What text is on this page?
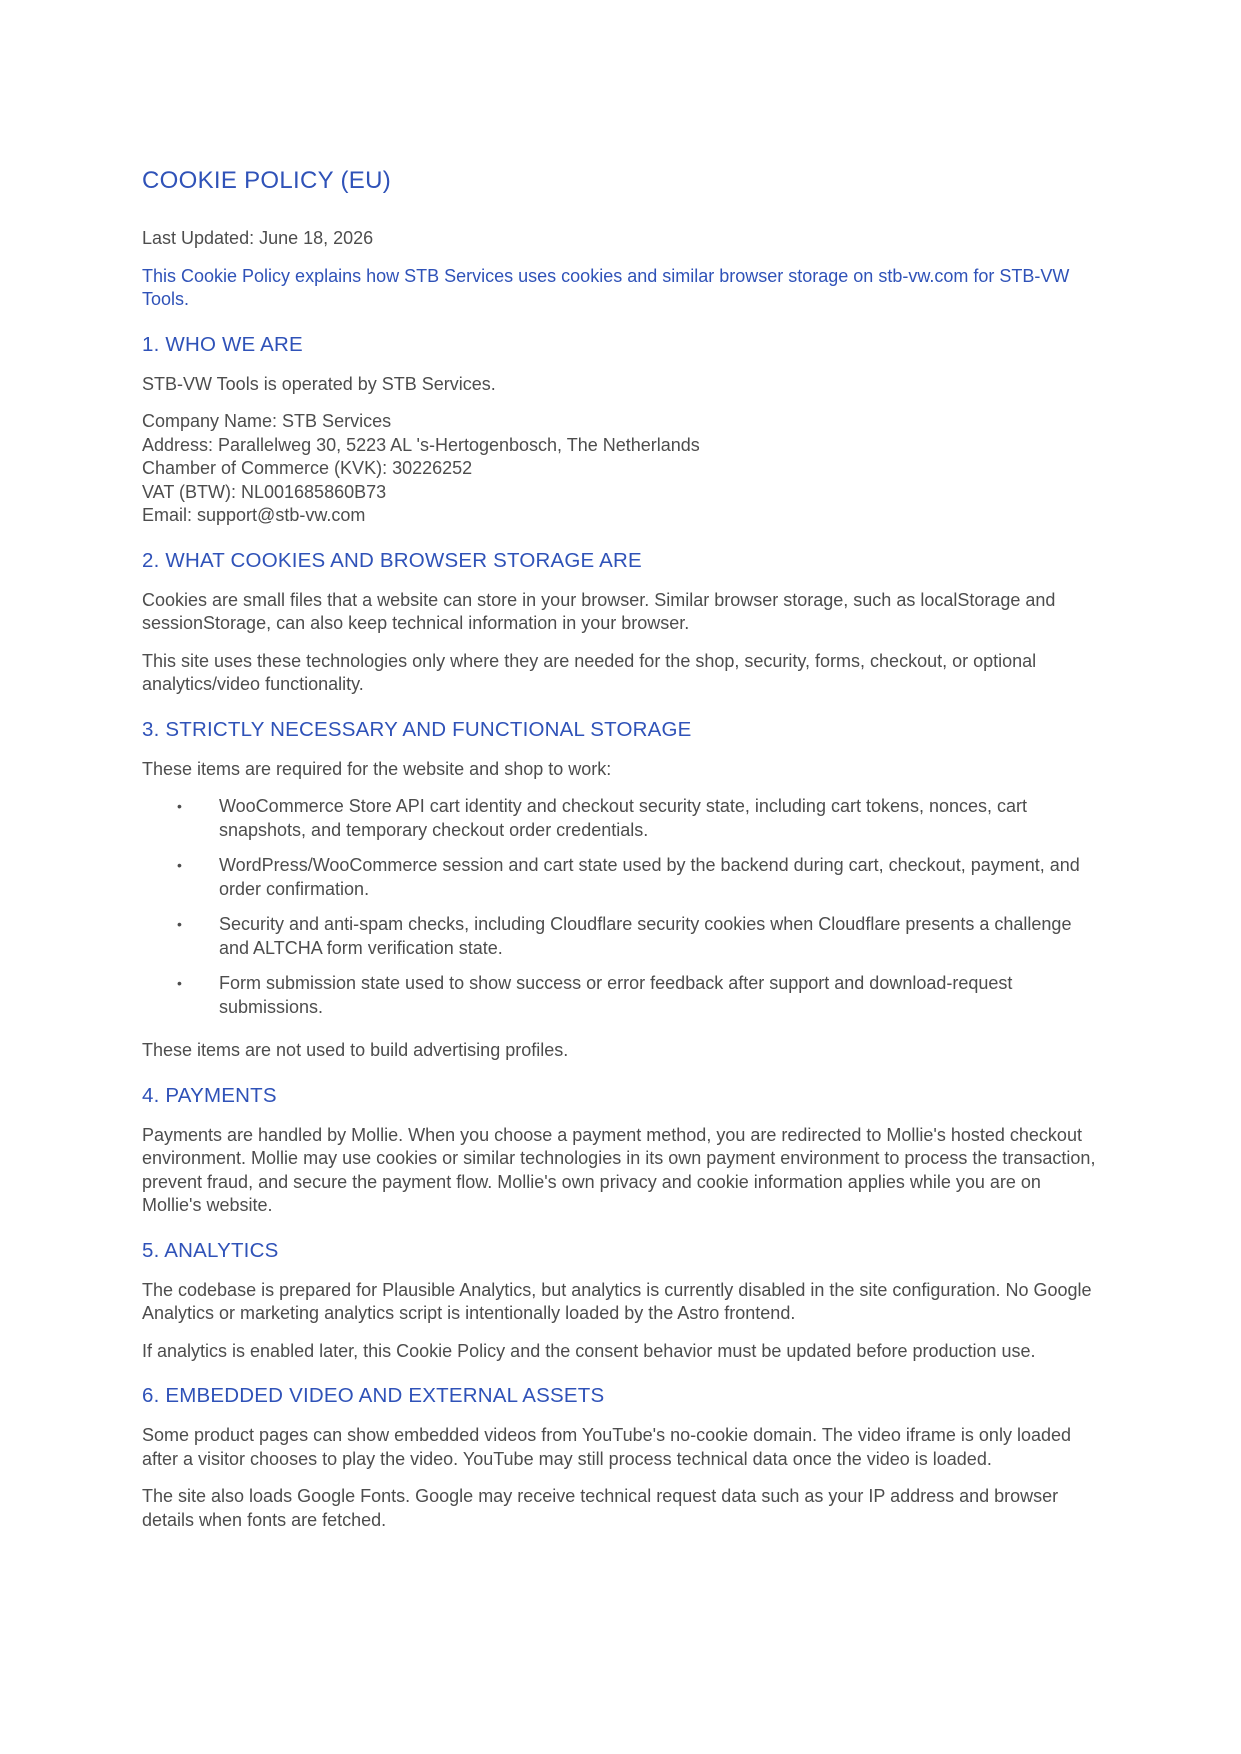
COOKIE POLICY (EU)

Last Updated: June 18, 2026

This Cookie Policy explains how STB Services uses cookies and similar browser storage on stb-vw.com for STB-VW Tools.

1. WHO WE ARE

STB-VW Tools is operated by STB Services.

Company Name: STB Services
Address: Parallelweg 30, 5223 AL 's-Hertogenbosch, The Netherlands
Chamber of Commerce (KVK): 30226252
VAT (BTW): NL001685860B73
Email: support@stb-vw.com
2. WHAT COOKIES AND BROWSER STORAGE ARE

Cookies are small files that a website can store in your browser. Similar browser storage, such as localStorage and sessionStorage, can also keep technical information in your browser.

This site uses these technologies only where they are needed for the shop, security, forms, checkout, or optional analytics/video functionality.

3. STRICTLY NECESSARY AND FUNCTIONAL STORAGE

These items are required for the website and shop to work:

• WooCommerce Store API cart identity and checkout security state, including cart tokens, nonces, cart snapshots, and temporary checkout order credentials.
• WordPress/WooCommerce session and cart state used by the backend during cart, checkout, payment, and order confirmation.
• Security and anti-spam checks, including Cloudflare security cookies when Cloudflare presents a challenge and ALTCHA form verification state.
• Form submission state used to show success or error feedback after support and download-request submissions.

These items are not used to build advertising profiles.

4. PAYMENTS

Payments are handled by Mollie. When you choose a payment method, you are redirected to Mollie's hosted checkout environment. Mollie may use cookies or similar technologies in its own payment environment to process the transaction, prevent fraud, and secure the payment flow. Mollie's own privacy and cookie information applies while you are on Mollie's website.

5. ANALYTICS

The codebase is prepared for Plausible Analytics, but analytics is currently disabled in the site configuration. No Google Analytics or marketing analytics script is intentionally loaded by the Astro frontend.

If analytics is enabled later, this Cookie Policy and the consent behavior must be updated before production use.

6. EMBEDDED VIDEO AND EXTERNAL ASSETS

Some product pages can show embedded videos from YouTube's no-cookie domain. The video iframe is only loaded after a visitor chooses to play the video. YouTube may still process technical data once the video is loaded.

The site also loads Google Fonts. Google may receive technical request data such as your IP address and browser details when fonts are fetched.
